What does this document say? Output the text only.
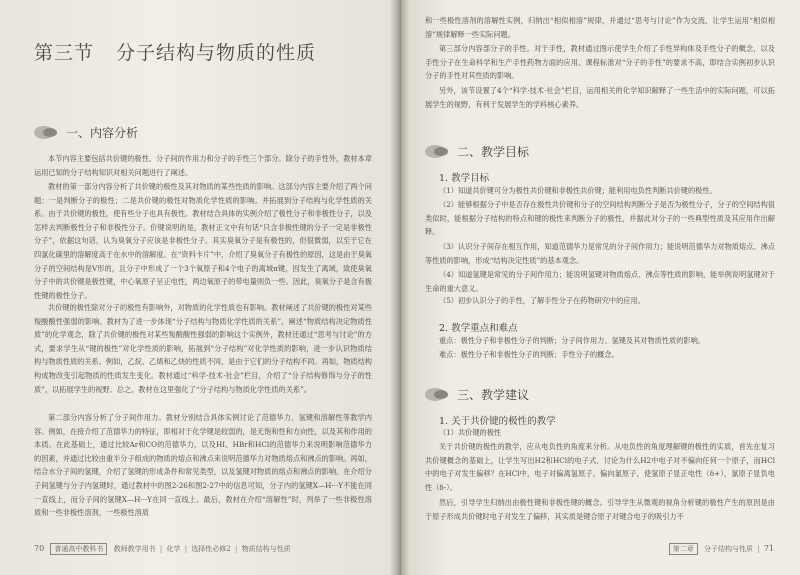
第三节 分子结构与物质的性质
一、内容分析
本节内容主要包括共价键的极性、分子间的作用力和分子的手性三个部分。除分子的手性外，教材本章运用已知的分子结构知识对相关问题进行了阐述。
教材的第一部分内容分析了共价键的极性及其对物质的某些性质的影响。这部分内容主要介绍了两个问题：一是判断分子的极性；二是共价键的极性对物质化学性质的影响。并拓展到分子结构与化学性质的关系。由于共价键的极性，使有些分子也具有极性。教材结合具体的实例介绍了极性分子和非极性分子，以及怎样去判断极性分子和非极性分子。价键说明的是，教材正文中有句话“只含非极性键的分子一定是非极性分子”，依据这句话，认为臭氧分子应该是非极性分子。其实臭氧分子是有极性的，但很微弱，以至于它在四氯化碳里的溶解度高于在水中的溶解度。在“资料卡片”中，介绍了臭氧分子有极性的原因，这是由于臭氧分子的空间结构是V形的，且分子中形成了一个3个氧原子和4个电子的离域π键，因发生了离域，致使臭氧分子中的共价键是极性键，中心氧原子呈正电性，两边氧原子的带电量则负一些。因此，臭氧分子是含有极性键的极性分子。
共价键的极性除对分子的极性有影响外，对物质的化学性质也有影响。教材阐述了共价键的极性对某些羧酸酸性强弱的影响。教材为了进一步体现“分子结构与物质化学性质的关系”，阐述“物质结构决定物质性质”的化学观念，除了共价键的极性对某些羧酸酸性强弱的影响这个实例外，教材还通过“思考与讨论”的方式，要求学生从“键的极性”对化学性质的影响，拓展到“分子结构”对化学性质的影响，进一步认识物质结构与物质性质的关系。例如，乙烷、乙烯和乙炔的性质不同，是由于它们的分子结构不同。再如，物质结构构成物改变引起物质的性质发生变化。教材通过“科学·技术·社会”栏目，介绍了“分子结构修饰与分子的性质”，以拓展学生的视野。总之，教材在这里强化了“分子结构与物质化学性质的关系”。
第二部分内容分析了分子间作用力。教材分别结合具体实例讨论了范德华力、氢键和溶解性等教学内容。例如，在接介绍了范德华力的特征，即相对于化学键是较弱的，是无饱和性和方向性，以及其和作用的本质。在此基础上，通过比较Ar和CO的范德华力，以及HI、HBr和HCl的范德华力来说明影响范德华力的因素，并通过比较由重半分子组成的物质的熔点和沸点来说明范德华力对物质熔点和沸点的影响。再如，结合水分子间的氢键，介绍了氢键的形成条件和常见类型，以及氢键对物质的熔点和沸点的影响。在介绍分子间氢键与分子内氢键时，通过教材中的图2-26和图2-27中的信息可知，分子内的氢键X—H···Y不能在同一直线上，而分子间的氢键X—H···Y在同一直线上。最后，教材在介绍“溶解性”时，列举了一些非极性溶质和一些非极性溶剂，一些极性溶质
70 普通高中教科书 教师教学用书 | 化学 | 选择性必修2 | 物质结构与性质
和一些极性溶剂的溶解性实例，归纳出“相似相溶”规律，并通过“思考与讨论”作为交流，让学生运用“相似相溶”规律解释一些实际问题。
第三部分内容部分子的手性。对于手性，教材通过图示使学生介绍了手性异构体及手性分子的概念，以及手性分子在生命科学和生产手性药物方面的应用。课程标准对“分子的手性”的要求不高，即结合实例初步认识分子的手性对其性质的影响。
另外，该节设置了4个“科学·技术·社会”栏目，运用相关的化学知识解释了一些生活中的实际问题，可以拓展学生的视野，有利于发展学生的学科核心素养。
二、教学目标
1. 教学目标
（1）知道共价键可分为极性共价键和非极性共价键；能利用电负性判断共价键的极性。
（2）能够根据分子中是否存在极性共价键和分子的空间结构判断分子是否为极性分子，分子的空间结构很类似时，能根据分子结构的特点和键的极性来判断分子的极性，并据此对分子的一些典型性质及其应用作出解释。
（3）认识分子间存在相互作用，知道范德华力是常见的分子间作用力；能说明范德华力对物质熔点、沸点等性质的影响，形成“结构决定性质”的基本观念。
（4）知道氢键是常见的分子间作用力；能说明氢键对物质熔点、沸点等性质的影响，能举例说明氢键对于生命的重大意义。
（5）初步认识分子的手性，了解手性分子在药物研究中的应用。
2. 教学重点和难点
重点：极性分子和非极性分子的判断；分子间作用力、氢键及其对物质性质的影响。
难点：极性分子和非极性分子的判断；手性分子的概念。
三、教学建议
1. 关于共价键的极性的教学
（1）共价键的极性
关于共价键的极性的教学，应从电负性的角度来分析。从电负性的角度理解键的极性的实质，首先在复习共价键概念的基础上，让学生写出H2和HCl的电子式，讨论为什么H2中电子对不偏向任何一个原子，而HCl中的电子对发生偏移？在HCl中，电子对偏离氢原子，偏向氯原子，使氢原子显正电性（δ+），氯原子显负电性（δ-）。
然后，引导学生归纳出由极性键和非极性键的概念。引导学生从微观的视角分析键的极性产生的原因是由于原子形成共价键时电子对发生了偏移，其实质是键合原子对键合电子的吸引力不
第二章 分子结构与性质 | 71
